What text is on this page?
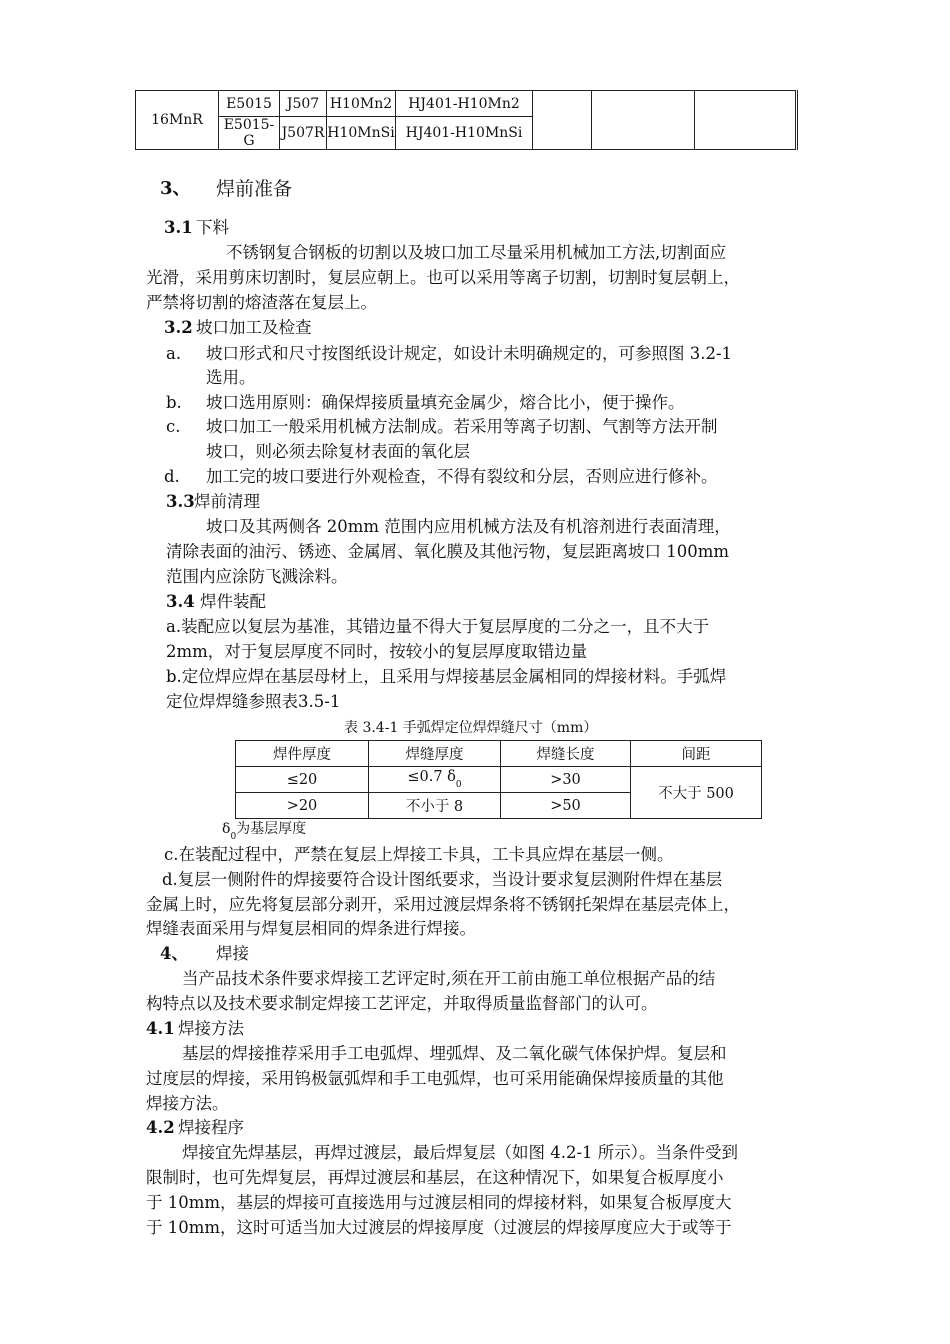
16MnR	E5015	J507	H10Mn2	HJ401-H10Mn2			
	E5015-G	J507R	H10MnSi	HJ401-H10MnSi			
3、 焊前准备
3.1 下料
不锈钢复合钢板的切割以及坡口加工尽量采用机械加工方法,切割面应
光滑，采用剪床切割时，复层应朝上。也可以采用等离子切割，切割时复层朝上，
严禁将切割的熔渣落在复层上。
3.2 坡口加工及检查
a. 坡口形式和尺寸按图纸设计规定，如设计未明确规定的，可参照图 3.2-1
选用。
b. 坡口选用原则：确保焊接质量填充金属少，熔合比小，便于操作。
c. 坡口加工一般采用机械方法制成。若采用等离子切割、气割等方法开制
坡口，则必须去除复材表面的氧化层
d. 加工完的坡口要进行外观检查，不得有裂纹和分层，否则应进行修补。
3.3 焊前清理
坡口及其两侧各 20mm 范围内应用机械方法及有机溶剂进行表面清理，
清除表面的油污、锈迹、金属屑、氧化膜及其他污物，复层距离坡口 100mm
范围内应涂防飞溅涂料。
3.4 焊件装配
a.装配应以复层为基准，其错边量不得大于复层厚度的二分之一，且不大于
2mm，对于复层厚度不同时，按较小的复层厚度取错边量
b.定位焊应焊在基层母材上，且采用与焊接基层金属相同的焊接材料。手弧焊
定位焊焊缝参照表3.5-1
表 3.4-1 手弧焊定位焊焊缝尺寸（mm）
焊件厚度	焊缝厚度	焊缝长度	间距
≤20	≤0.7 $\delta_0$	>30	不大于 500
>20	不小于 8	>50	
$\delta_0$为基层厚度
c.在装配过程中，严禁在复层上焊接工卡具，工卡具应焊在基层一侧。
d.复层一侧附件的焊接要符合设计图纸要求，当设计要求复层测附件焊在基层
金属上时，应先将复层部分剥开，采用过渡层焊条将不锈钢托架焊在基层壳体上，
焊缝表面采用与焊复层相同的焊条进行焊接。
4、 焊接
当产品技术条件要求焊接工艺评定时,须在开工前由施工单位根据产品的结
构特点以及技术要求制定焊接工艺评定，并取得质量监督部门的认可。
4.1 焊接方法
基层的焊接推荐采用手工电弧焊、埋弧焊、及二氧化碳气体保护焊。复层和
过度层的焊接，采用钨极氩弧焊和手工电弧焊，也可采用能确保焊接质量的其他
焊接方法。
4.2 焊接程序
焊接宜先焊基层，再焊过渡层，最后焊复层（如图 4.2-1 所示）。当条件受到
限制时，也可先焊复层，再焊过渡层和基层，在这种情况下，如果复合板厚度小
于 10mm，基层的焊接可直接选用与过渡层相同的焊接材料，如果复合板厚度大
于 10mm，这时可适当加大过渡层的焊接厚度（过渡层的焊接厚度应大于或等于
